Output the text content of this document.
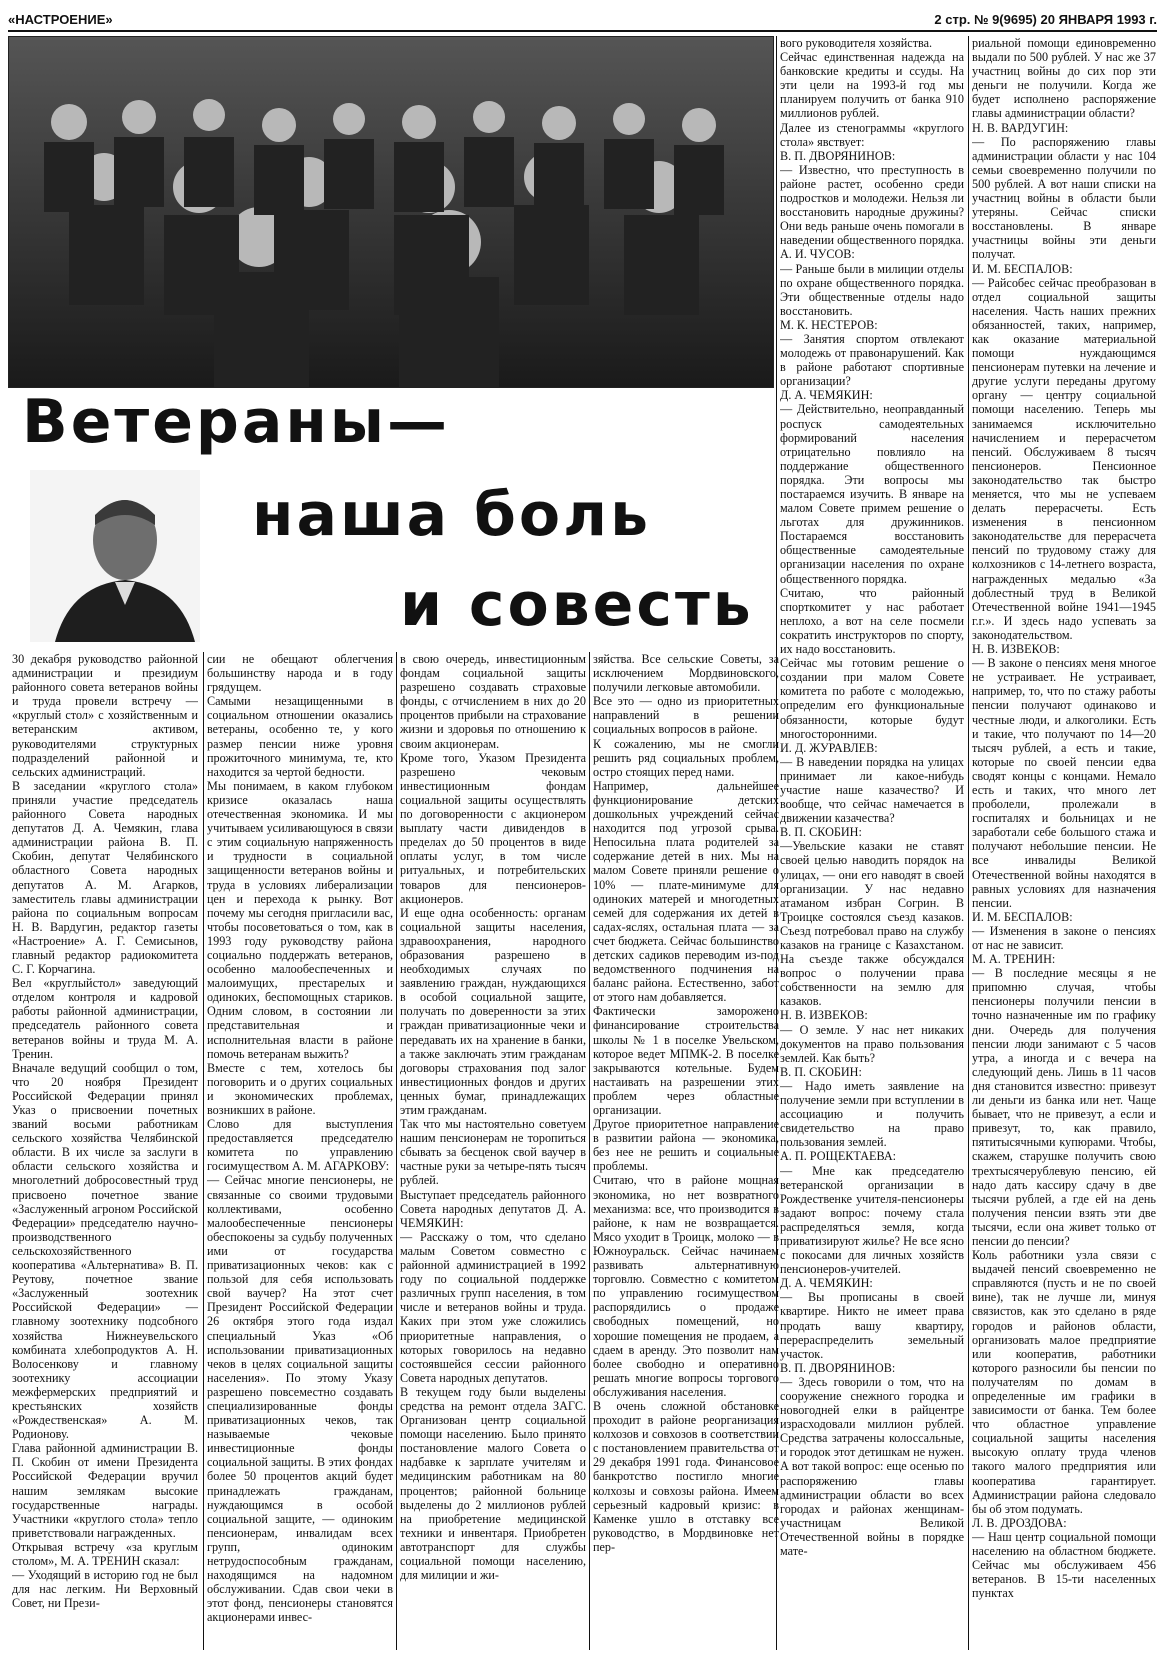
«НАСТРОЕНИЕ»	2 стр. № 9(9695) 20 ЯНВАРЯ 1993 г.
Ветераны—
наша боль
и совесть
30 декабря руководство районной администрации и президиум районного совета ветеранов войны и труда провели встречу — «круглый стол» с хозяйственным и ветеранским активом, руководителями структурных подразделений районной и сельских администраций.
В заседании «круглого стола» приняли участие председатель районного Совета народных депутатов Д. А. Чемякин, глава администрации района В. П. Скобин, депутат Челябинского областного Совета народных депутатов А. М. Агарков, заместитель главы администрации района по социальным вопросам Н. В. Вардугин, редактор газеты «Настроение» А. Г. Семисынов, главный редактор радиокомитета С. Г. Корчагина.
Вел «круглыйстол» заведующий отделом контроля и кадровой работы районной администрации, председатель районного совета ветеранов войны и труда М. А. Тренин.
Вначале ведущий сообщил о том, что 20 ноября Президент Российской Федерации принял Указ о присвоении почетных званий восьми работникам сельского хозяйства Челябинской области. В их числе за заслуги в области сельского хозяйства и многолетний добросовестный труд присвоено почетное звание «Заслуженный агроном Российской Федерации» председателю научно-производственного сельскохозяйственного кооператива «Альтернатива» В. П. Реутову, почетное звание «Заслуженный зоотехник Российской Федерации» — главному зоотехнику подсобного хозяйства Нижнеувельского комбината хлебопродуктов А. Н. Волосенкову и главному зоотехнику ассоциации межфермерских предприятий и крестьянских хозяйств «Рождественская» А. М. Родионову.
Глава районной администрации В. П. Скобин от имени Президента Российской Федерации вручил нашим землякам высокие государственные награды. Участники «круглого стола» тепло приветствовали награжденных.
Открывая встречу «за круглым столом», М. А. ТРЕНИН сказал:
— Уходящий в историю год не был для нас легким. Ни Верховный Совет, ни Прези-
сии не обещают облегчения большинству народа и в году грядущем.
Самыми незащищенными в социальном отношении оказались ветераны, особенно те, у кого размер пенсии ниже уровня прожиточного минимума, те, кто находится за чертой бедности.
Мы понимаем, в каком глубоком кризисе оказалась наша отечественная экономика. И мы учитываем усиливающуюся в связи с этим социальную напряженность и трудности в социальной защищенности ветеранов войны и труда в условиях либерализации цен и перехода к рынку. Вот почему мы сегодня пригласили вас, чтобы посоветоваться о том, как в 1993 году руководству района социально поддержать ветеранов, особенно малообеспеченных и малоимущих, престарелых и одиноких, беспомощных стариков. Одним словом, в состоянии ли представительная и исполнительная власти в районе помочь ветеранам выжить?
Вместе с тем, хотелось бы поговорить и о других социальных и экономических проблемах, возникших в районе.
Слово для выступления предоставляется председателю комитета по управлению госимуществом А. М. АГАРКОВУ:
— Сейчас многие пенсионеры, не связанные со своими трудовыми коллективами, особенно малообеспеченные пенсионеры обеспокоены за судьбу полученных ими от государства приватизационных чеков: как с пользой для себя использовать свой ваучер? На этот счет Президент Российской Федерации 26 октября этого года издал специальный Указ «Об использовании приватизационных чеков в целях социальной защиты населения». По этому Указу разрешено повсеместно создавать специализированные фонды приватизационных чеков, так называемые чековые инвестиционные фонды социальной защиты. В этих фондах более 50 процентов акций будет принадлежать гражданам, нуждающимся в особой социальной защите, — одиноким пенсионерам, инвалидам всех групп, одиноким нетрудоспособным гражданам, находящимся на надомном обслуживании. Сдав свои чеки в этот фонд, пенсионеры становятся акционерами инвес-
в свою очередь, инвестиционным фондам социальной защиты разрешено создавать страховые фонды, с отчислением в них до 20 процентов прибыли на страхование жизни и здоровья по отношению к своим акционерам.
Кроме того, Указом Президента разрешено чековым инвестиционным фондам социальной защиты осуществлять по договоренности с акционером выплату части дивидендов в пределах до 50 процентов в виде оплаты услуг, в том числе ритуальных, и потребительских товаров для пенсионеров-акционеров.
И еще одна особенность: органам социальной защиты населения, здравоохранения, народного образования разрешено в необходимых случаях по заявлению граждан, нуждающихся в особой социальной защите, получать по доверенности за этих граждан приватизационные чеки и передавать их на хранение в банки, а также заключать этим гражданам договоры страхования под залог инвестиционных фондов и других ценных бумаг, принадлежащих этим гражданам.
Так что мы настоятельно советуем нашим пенсионерам не торопиться сбывать за бесценок свой ваучер в частные руки за четыре-пять тысяч рублей.
Выступает председатель районного Совета народных депутатов Д. А. ЧЕМЯКИН:
— Расскажу о том, что сделано малым Советом совместно с районной администрацией в 1992 году по социальной поддержке различных групп населения, в том числе и ветеранов войны и труда. Каких при этом уже сложились приоритетные направления, о которых говорилось на недавно состоявшейся сессии районного Совета народных депутатов.
В текущем году были выделены средства на ремонт отдела ЗАГС. Организован центр социальной помощи населению. Было принято постановление малого Совета о надбавке к зарплате учителям и медицинским работникам на 80 процентов; районной больнице выделены до 2 миллионов рублей на приобретение медицинской техники и инвентаря. Приобретен автотранспорт для службы социальной помощи населению, для милиции и жи-
зяйства. Все сельские Советы, за исключением Мордвиновского, получили легковые автомобили.
Все это — одно из приоритетных направлений в решении социальных вопросов в районе.
К сожалению, мы не смогли решить ряд социальных проблем, остро стоящих перед нами.
Например, дальнейшее функционирование детских дошкольных учреждений сейчас находится под угрозой срыва. Непосильна плата родителей за содержание детей в них. Мы на малом Совете приняли решение о 10% — плате-минимуме для одиноких матерей и многодетных семей для содержания их детей в садах-яслях, остальная плата — за счет бюджета. Сейчас большинство детских садиков переводим из-под ведомственного подчинения на баланс района. Естественно, забот от этого нам добавляется.
Фактически заморожено финансирование строительства школы № 1 в поселке Увельском, которое ведет МПМК-2. В поселке закрываются котельные. Будем настаивать на разрешении этих проблем через областные организации.
Другое приоритетное направление в развитии района — экономика, без нее не решить и социальные проблемы.
Считаю, что в районе мощная экономика, но нет возвратного механизма: все, что производится в районе, к нам не возвращается. Мясо уходит в Троицк, молоко — в Южноуральск. Сейчас начинаем развивать альтернативную торговлю. Совместно с комитетом по управлению госимуществом распорядились о продаже свободных помещений, но хорошие помещения не продаем, а сдаем в аренду. Это позволит нам более свободно и оперативно решать многие вопросы торгового обслуживания населения.
В очень сложной обстановке проходит в районе реорганизация колхозов и совхозов в соответствии с постановлением правительства от 29 декабря 1991 года. Финансовое банкротство постигло многие колхозы и совхозы района. Имеем серьезный кадровый кризис: в Каменке ушло в отставку все руководство, в Мордвиновке нет пер-
вого руководителя хозяйства.
Сейчас единственная надежда на банковские кредиты и ссуды. На эти цели на 1993-й год мы планируем получить от банка 910 миллионов рублей.
Далее из стенограммы «круглого стола» явствует:
В. П. ДВОРЯНИНОВ:
— Известно, что преступность в районе растет, особенно среди подростков и молодежи. Нельзя ли восстановить народные дружины? Они ведь раньше очень помогали в наведении общественного порядка.
А. И. ЧУСОВ:
— Раньше были в милиции отделы по охране общественного порядка. Эти общественные отделы надо восстановить.
М. К. НЕСТЕРОВ:
— Занятия спортом отвлекают молодежь от правонарушений. Как в районе работают спортивные организации?
Д. А. ЧЕМЯКИН:
— Действительно, неоправданный роспуск самодеятельных формирований населения отрицательно повлияло на поддержание общественного порядка. Эти вопросы мы постараемся изучить. В январе на малом Совете примем решение о льготах для дружинников. Постараемся восстановить общественные самодеятельные организации населения по охране общественного порядка.
Считаю, что районный спорткомитет у нас работает неплохо, а вот на селе посмели сократить инструкторов по спорту, их надо восстановить.
Сейчас мы готовим решение о создании при малом Совете комитета по работе с молодежью, определим его функциональные обязанности, которые будут многосторонними.
И. Д. ЖУРАВЛЕВ:
— В наведении порядка на улицах принимает ли какое-нибудь участие наше казачество? И вообще, что сейчас намечается в движении казачества?
В. П. СКОБИН:
—Увельские казаки не ставят своей целью наводить порядок на улицах, — они его наводят в своей организации. У нас недавно атаманом избран Согрин. В Троицке состоялся съезд казаков. Съезд потребовал право на службу казаков на границе с Казахстаном. На съезде также обсуждался вопрос о получении права собственности на землю для казаков.
Н. В. ИЗВЕКОВ:
— О земле. У нас нет никаких документов на право пользования землей. Как быть?
В. П. СКОБИН:
— Надо иметь заявление на получение земли при вступлении в ассоциацию и получить свидетельство на право пользования землей.
А. П. РОЩЕКТАЕВА:
— Мне как председателю ветеранской организации в Рождественке учителя-пенсионеры задают вопрос: почему стала распределяться земля, когда приватизируют жилье? Не все ясно с покосами для личных хозяйств пенсионеров-учителей.
Д. А. ЧЕМЯКИН:
— Вы прописаны в своей квартире. Никто не имеет права продать вашу квартиру, перераспределить земельный участок.
В. П. ДВОРЯНИНОВ:
— Здесь говорили о том, что на сооружение снежного городка и новогодней елки в райцентре израсходовали миллион рублей. Средства затрачены колоссальные, и городок этот детишкам не нужен. А вот такой вопрос: еще осенью по распоряжению главы администрации области во всех городах и районах женщинам-участницам Великой Отечественной войны в порядке мате-
риальной помощи единовременно выдали по 500 рублей. У нас же 37 участниц войны до сих пор эти деньги не получили. Когда же будет исполнено распоряжение главы администрации области?
Н. В. ВАРДУГИН:
— По распоряжению главы администрации области у нас 104 семьи своевременно получили по 500 рублей. А вот наши списки на участниц войны в области были утеряны. Сейчас списки восстановлены. В январе участницы войны эти деньги получат.
И. М. БЕСПАЛОВ:
— Райсобес сейчас преобразован в отдел социальной защиты населения. Часть наших прежних обязанностей, таких, например, как оказание материальной помощи нуждающимся пенсионерам путевки на лечение и другие услуги переданы другому органу — центру социальной помощи населению. Теперь мы занимаемся исключительно начислением и перерасчетом пенсий. Обслуживаем 8 тысяч пенсионеров. Пенсионное законодательство так быстро меняется, что мы не успеваем делать перерасчеты. Есть изменения в пенсионном законодательстве для перерасчета пенсий по трудовому стажу для колхозников с 14-летнего возраста, награжденных медалью «За доблестный труд в Великой Отечественной войне 1941—1945 г.г.». И здесь надо успевать за законодательством.
Н. В. ИЗВЕКОВ:
— В законе о пенсиях меня многое не устраивает. Не устраивает, например, то, что по стажу работы пенсии получают одинаково и честные люди, и алкоголики. Есть и такие, что получают по 14—20 тысяч рублей, а есть и такие, которые по своей пенсии едва сводят концы с концами. Немало есть и таких, что много лет проболели, пролежали в госпиталях и больницах и не заработали себе большого стажа и получают небольшие пенсии. Не все инвалиды Великой Отечественной войны находятся в равных условиях для назначения пенсии.
И. М. БЕСПАЛОВ:
— Изменения в законе о пенсиях от нас не зависит.
М. А. ТРЕНИН:
— В последние месяцы я не припомню случая, чтобы пенсионеры получили пенсии в точно назначенные им по графику дни. Очередь для получения пенсии люди занимают с 5 часов утра, а иногда и с вечера на следующий день. Лишь в 11 часов дня становится известно: привезут ли деньги из банка или нет. Чаще бывает, что не привезут, а если и привезут, то, как правило, пятитысячными купюрами. Чтобы, скажем, старушке получить свою трехтысячерублевую пенсию, ей надо дать кассиру сдачу в две тысячи рублей, а где ей на день получения пенсии взять эти две тысячи, если она живет только от пенсии до пенсии?
Коль работники узла связи с выдачей пенсий своевременно не справляются (пусть и не по своей вине), так не лучше ли, минуя связистов, как это сделано в ряде городов и районов области, организовать малое предприятие или кооператив, работники которого разносили бы пенсии по получателям по домам в определенные им графики в зависимости от банка. Тем более что областное управление социальной защиты населения высокую оплату труда членов такого малого предприятия или кооператива гарантирует. Администрации района следовало бы об этом подумать.
Л. В. ДРОЗДОВА:
— Наш центр социальной помощи населению на областном бюджете. Сейчас мы обслуживаем 456 ветеранов. В 15-ти населенных пунктах
